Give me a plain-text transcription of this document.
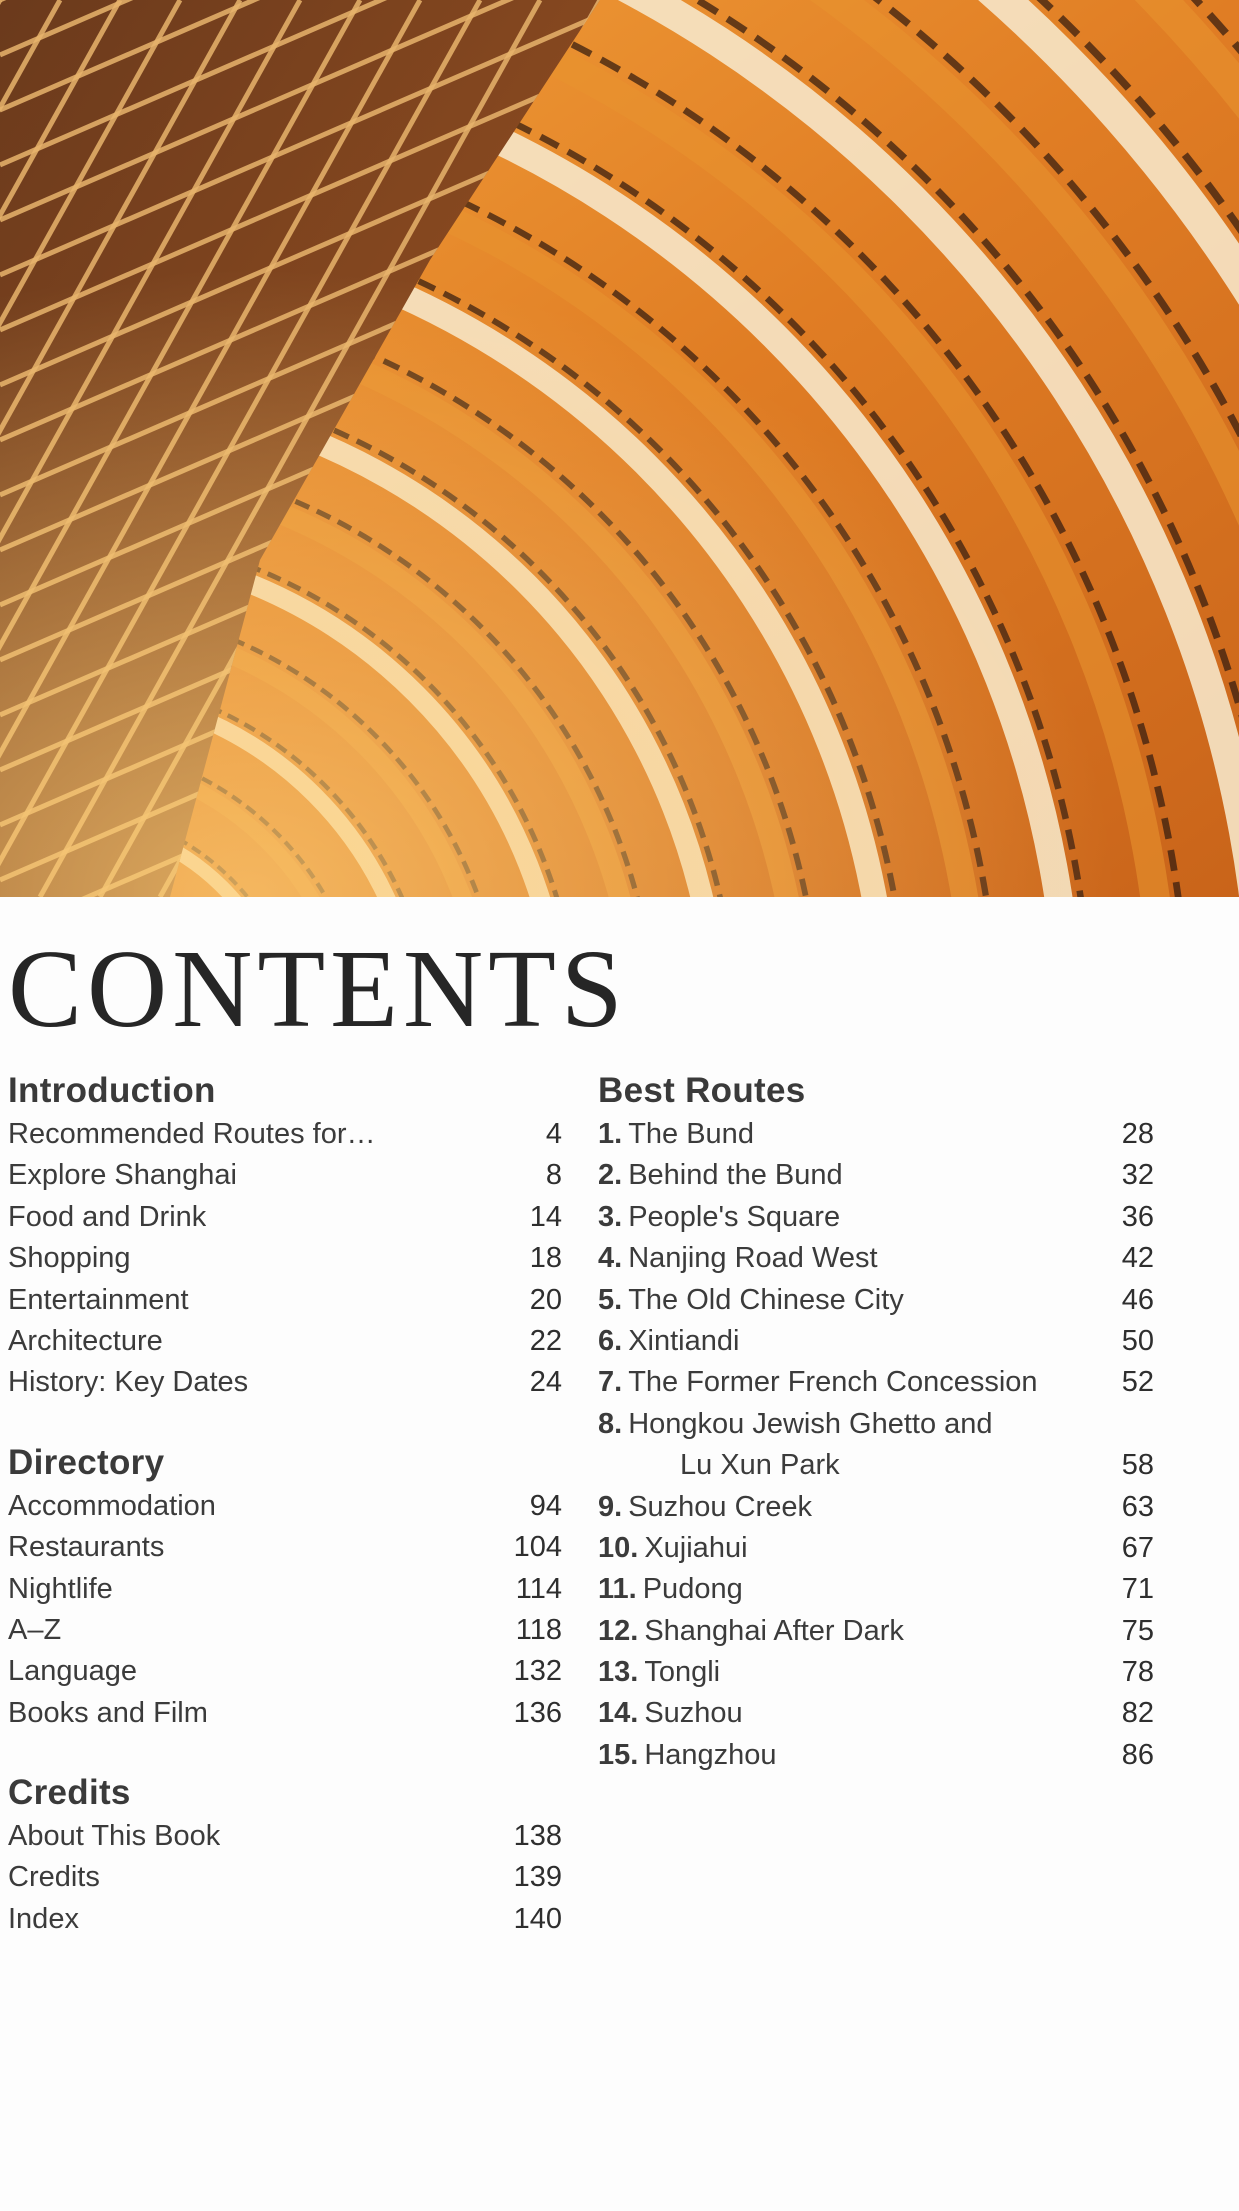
CONTENTS
Introduction
Recommended Routes for…	4
Explore Shanghai	8
Food and Drink	14
Shopping	18
Entertainment	20
Architecture	22
History: Key Dates	24
Directory
Accommodation	94
Restaurants	104
Nightlife	114
A–Z	118
Language	132
Books and Film	136
Credits
About This Book	138
Credits	139
Index	140
Best Routes
1. The Bund	28
2. Behind the Bund	32
3. People's Square	36
4. Nanjing Road West	42
5. The Old Chinese City	46
6. Xintiandi	50
7. The Former French Concession	52
8. Hongkou Jewish Ghetto and
Lu Xun Park	58
9. Suzhou Creek	63
10. Xujiahui	67
11. Pudong	71
12. Shanghai After Dark	75
13. Tongli	78
14. Suzhou	82
15. Hangzhou	86
